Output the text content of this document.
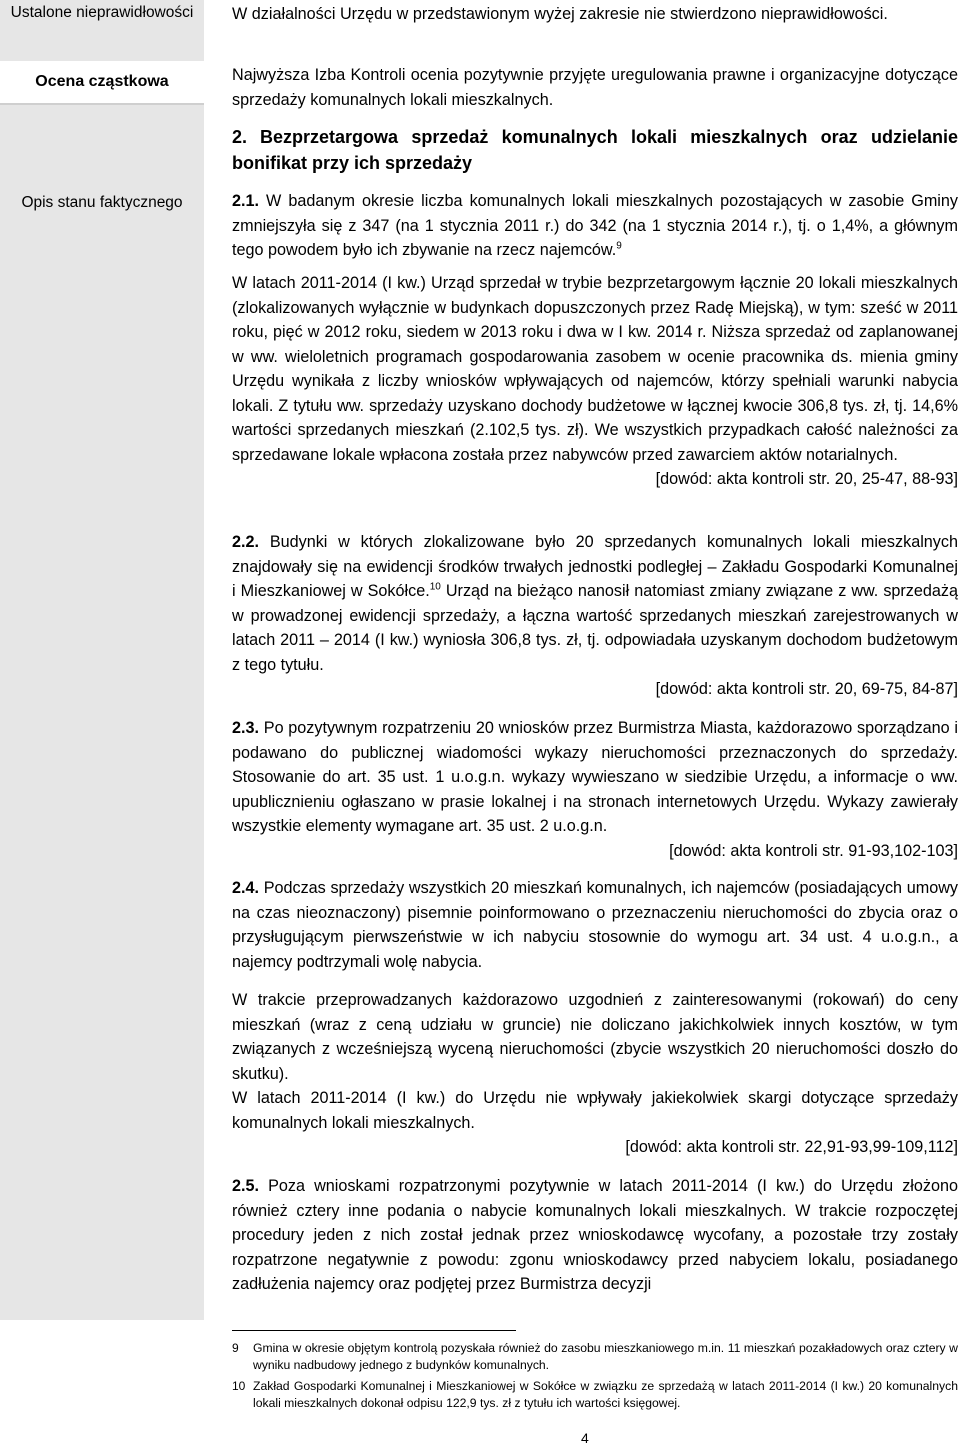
Ustalone nieprawidłowości
Ocena cząstkowa
Opis stanu faktycznego

W działalności Urzędu w przedstawionym wyżej zakresie nie stwierdzono nieprawidłowości.

Najwyższa Izba Kontroli ocenia pozytywnie przyjęte uregulowania prawne i organizacyjne dotyczące sprzedaży komunalnych lokali mieszkalnych.

2. Bezprzetargowa sprzedaż komunalnych lokali mieszkalnych oraz udzielanie bonifikat przy ich sprzedaży

2.1. W badanym okresie liczba komunalnych lokali mieszkalnych pozostających w zasobie Gminy zmniejszyła się z 347 (na 1 stycznia 2011 r.) do 342 (na 1 stycznia 2014 r.), tj. o 1,4%, a głównym tego powodem było ich zbywanie na rzecz najemców.$^9$

W latach 2011-2014 (I kw.) Urząd sprzedał w trybie bezprzetargowym łącznie 20 lokali mieszkalnych (zlokalizowanych wyłącznie w budynkach dopuszczonych przez Radę Miejską), w tym: sześć w 2011 roku, pięć w 2012 roku, siedem w 2013 roku i dwa w I kw. 2014 r. Niższa sprzedaż od zaplanowanej w ww. wieloletnich programach gospodarowania zasobem w ocenie pracownika ds. mienia gminy Urzędu wynikała z liczby wniosków wpływających od najemców, którzy spełniali warunki nabycia lokali. Z tytułu ww. sprzedaży uzyskano dochody budżetowe w łącznej kwocie 306,8 tys. zł, tj. 14,6% wartości sprzedanych mieszkań (2.102,5 tys. zł). We wszystkich przypadkach całość należności za sprzedawane lokale wpłacona została przez nabywców przed zawarciem aktów notarialnych.
[dowód: akta kontroli str. 20, 25-47, 88-93]

2.2. Budynki w których zlokalizowane było 20 sprzedanych komunalnych lokali mieszkalnych znajdowały się na ewidencji środków trwałych jednostki podległej – Zakładu Gospodarki Komunalnej i Mieszkaniowej w Sokółce.$^{10}$ Urząd na bieżąco nanosił natomiast zmiany związane z ww. sprzedażą w prowadzonej ewidencji sprzedaży, a łączna wartość sprzedanych mieszkań zarejestrowanych w latach 2011 – 2014 (I kw.) wyniosła 306,8 tys. zł, tj. odpowiadała uzyskanym dochodom budżetowym z tego tytułu.
[dowód: akta kontroli str. 20, 69-75, 84-87]

2.3. Po pozytywnym rozpatrzeniu 20 wniosków przez Burmistrza Miasta, każdorazowo sporządzano i podawano do publicznej wiadomości wykazy nieruchomości przeznaczonych do sprzedaży. Stosowanie do art. 35 ust. 1 u.o.g.n. wykazy wywieszano w siedzibie Urzędu, a informacje o ww. upublicznieniu ogłaszano w prasie lokalnej i na stronach internetowych Urzędu. Wykazy zawierały wszystkie elementy wymagane art. 35 ust. 2 u.o.g.n.
[dowód: akta kontroli str. 91-93,102-103]

2.4. Podczas sprzedaży wszystkich 20 mieszkań komunalnych, ich najemców (posiadających umowy na czas nieoznaczony) pisemnie poinformowano o przeznaczeniu nieruchomości do zbycia oraz o przysługującym pierwszeństwie w ich nabyciu stosownie do wymogu art. 34 ust. 4 u.o.g.n., a najemcy podtrzymali wolę nabycia.

W trakcie przeprowadzanych każdorazowo uzgodnień z zainteresowanymi (rokowań) do ceny mieszkań (wraz z ceną udziału w gruncie) nie doliczano jakichkolwiek innych kosztów, w tym związanych z wcześniejszą wyceną nieruchomości (zbycie wszystkich 20 nieruchomości doszło do skutku).

W latach 2011-2014 (I kw.) do Urzędu nie wpływały jakiekolwiek skargi dotyczące sprzedaży komunalnych lokali mieszkalnych.
[dowód: akta kontroli str. 22,91-93,99-109,112]

2.5. Poza wnioskami rozpatrzonymi pozytywnie w latach 2011-2014 (I kw.) do Urzędu złożono również cztery inne podania o nabycie komunalnych lokali mieszkalnych. W trakcie rozpoczętej procedury jeden z nich został jednak przez wnioskodawcę wycofany, a pozostałe trzy zostały rozpatrzone negatywnie z powodu: zgonu wnioskodawcy przed nabyciem lokalu, posiadanego zadłużenia najemcy oraz podjętej przez Burmistrza decyzji

9	Gmina w okresie objętym kontrolą pozyskała również do zasobu mieszkaniowego m.in. 11 mieszkań pozakładowych oraz cztery w wyniku nadbudowy jednego z budynków komunalnych.
10 Zakład Gospodarki Komunalnej i Mieszkaniowej w Sokółce w związku ze sprzedażą w latach 2011-2014 (I kw.) 20 komunalnych lokali mieszkalnych dokonał odpisu 122,9 tys. zł z tytułu ich wartości księgowej.
4
